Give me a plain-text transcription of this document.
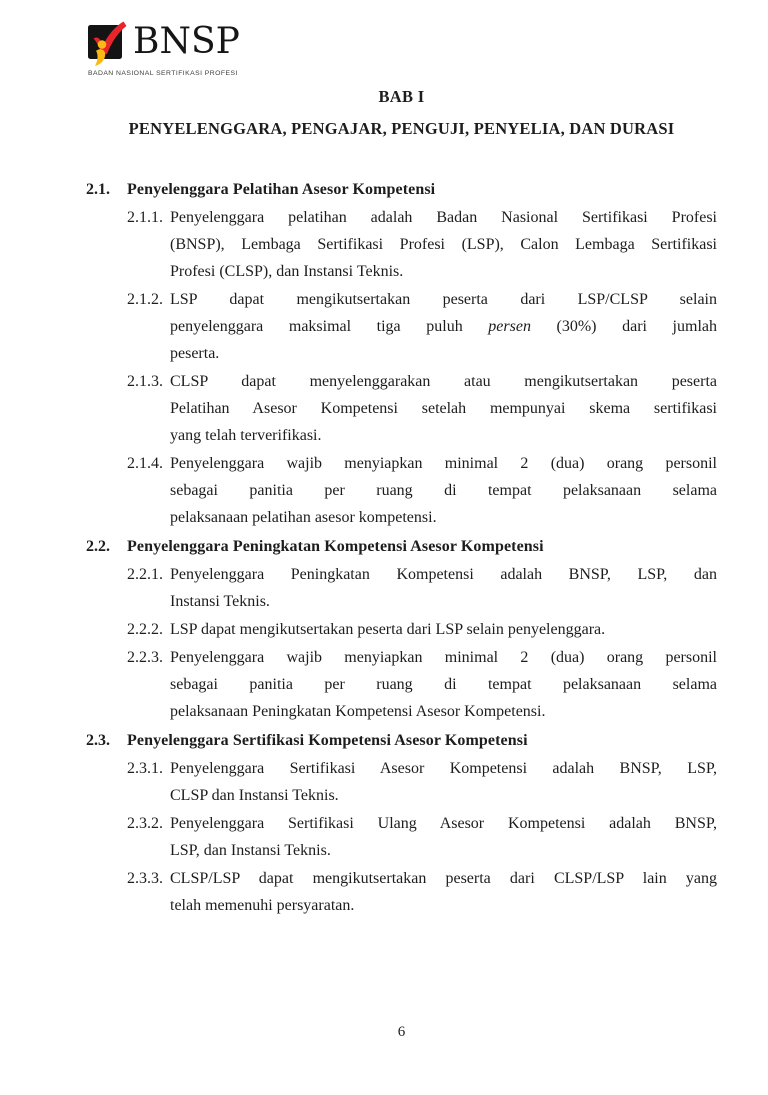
BNSP
BADAN NASIONAL SERTIFIKASI PROFESI
BAB I
PENYELENGGARA, PENGAJAR, PENGUJI, PENYELIA, DAN DURASI
2.1.	Penyelenggara Pelatihan Asesor Kompetensi
2.1.1. Penyelenggara pelatihan adalah Badan Nasional Sertifikasi Profesi
(BNSP), Lembaga Sertifikasi Profesi (LSP), Calon Lembaga Sertifikasi
Profesi (CLSP), dan Instansi Teknis.
2.1.2. LSP dapat mengikutsertakan peserta dari LSP/CLSP selain
penyelenggara maksimal tiga puluh persen (30%) dari jumlah
peserta.
2.1.3. CLSP dapat menyelenggarakan atau mengikutsertakan peserta
Pelatihan Asesor Kompetensi setelah mempunyai skema sertifikasi
yang telah terverifikasi.
2.1.4. Penyelenggara wajib menyiapkan minimal 2 (dua) orang personil
sebagai panitia per ruang di tempat pelaksanaan selama
pelaksanaan pelatihan asesor kompetensi.
2.2.	Penyelenggara Peningkatan Kompetensi Asesor Kompetensi
2.2.1. Penyelenggara Peningkatan Kompetensi adalah BNSP, LSP, dan
Instansi Teknis.
2.2.2. LSP dapat mengikutsertakan peserta dari LSP selain penyelenggara.
2.2.3. Penyelenggara wajib menyiapkan minimal 2 (dua) orang personil
sebagai panitia per ruang di tempat pelaksanaan selama
pelaksanaan Peningkatan Kompetensi Asesor Kompetensi.
2.3.	Penyelenggara Sertifikasi Kompetensi Asesor Kompetensi
2.3.1. Penyelenggara Sertifikasi Asesor Kompetensi adalah BNSP, LSP,
CLSP dan Instansi Teknis.
2.3.2. Penyelenggara Sertifikasi Ulang Asesor Kompetensi adalah BNSP,
LSP, dan Instansi Teknis.
2.3.3. CLSP/LSP dapat mengikutsertakan peserta dari CLSP/LSP lain yang
telah memenuhi persyaratan.
6
